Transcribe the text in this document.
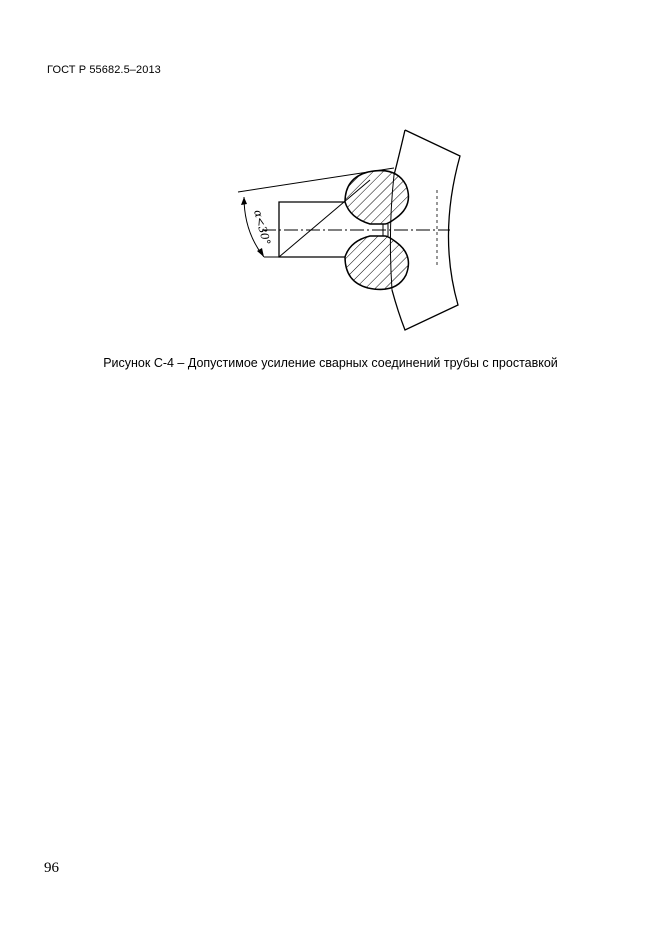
ГОСТ Р 55682.5–2013
α<30°
Рисунок С-4 – Допустимое усиление сварных соединений трубы с проставкой
96
